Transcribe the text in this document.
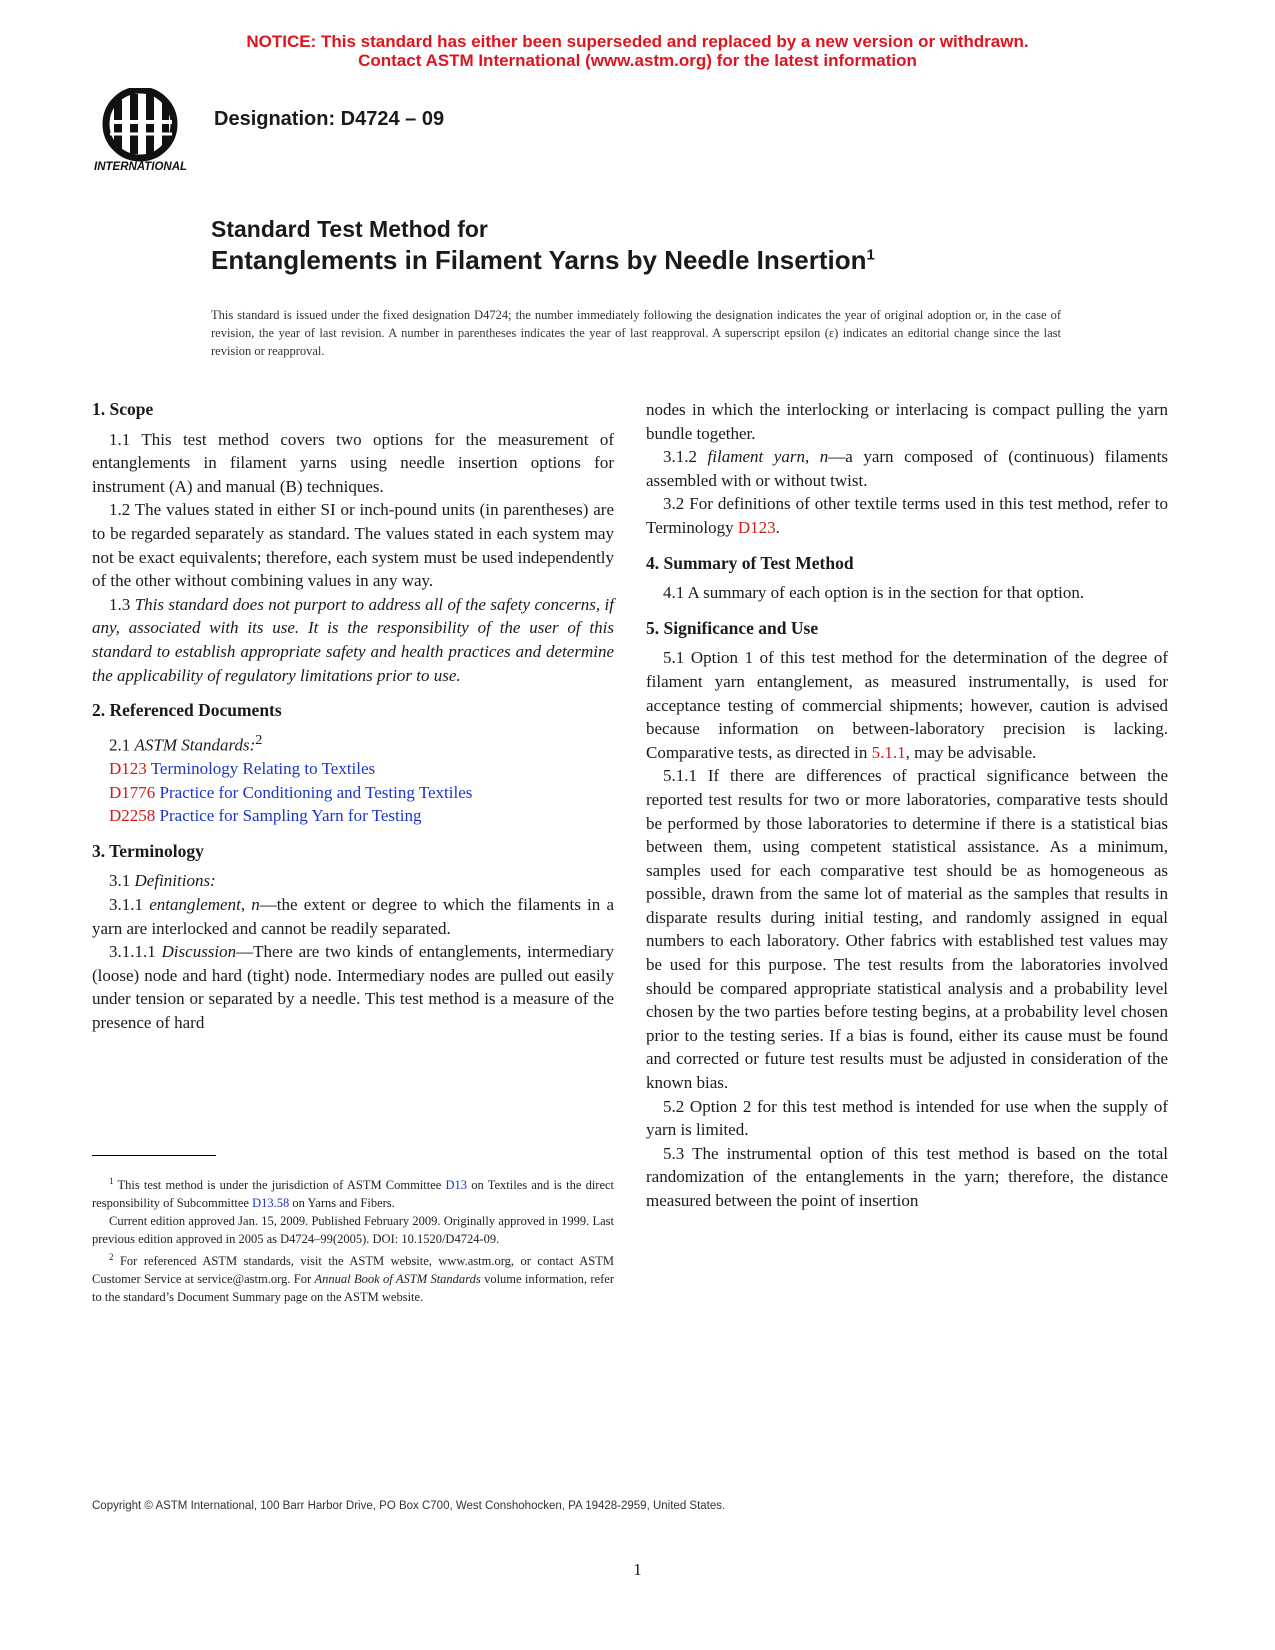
NOTICE: This standard has either been superseded and replaced by a new version or withdrawn.
Contact ASTM International (www.astm.org) for the latest information
INTERNATIONAL
Designation: D4724 – 09
Standard Test Method for
Entanglements in Filament Yarns by Needle Insertion$^1$
This standard is issued under the fixed designation D4724; the number immediately following the designation indicates the year of original adoption or, in the case of revision, the year of last revision. A number in parentheses indicates the year of last reapproval. A superscript epsilon (ε) indicates an editorial change since the last revision or reapproval.
1. Scope

1.1 This test method covers two options for the measurement of entanglements in filament yarns using needle insertion options for instrument (A) and manual (B) techniques.

1.2 The values stated in either SI or inch-pound units (in parentheses) are to be regarded separately as standard. The values stated in each system may not be exact equivalents; therefore, each system must be used independently of the other without combining values in any way.

1.3 This standard does not purport to address all of the safety concerns, if any, associated with its use. It is the responsibility of the user of this standard to establish appropriate safety and health practices and determine the applicability of regulatory limitations prior to use.

2. Referenced Documents

2.1 ASTM Standards:$^2$

D123 Terminology Relating to Textiles

D1776 Practice for Conditioning and Testing Textiles

D2258 Practice for Sampling Yarn for Testing

3. Terminology

3.1 Definitions:

3.1.1 entanglement, n—the extent or degree to which the filaments in a yarn are interlocked and cannot be readily separated.

3.1.1.1 Discussion—There are two kinds of entanglements, intermediary (loose) node and hard (tight) node. Intermediary nodes are pulled out easily under tension or separated by a needle. This test method is a measure of the presence of hard

nodes in which the interlocking or interlacing is compact pulling the yarn bundle together.

3.1.2 filament yarn, n—a yarn composed of (continuous) filaments assembled with or without twist.

3.2 For definitions of other textile terms used in this test method, refer to Terminology D123.

4. Summary of Test Method

4.1 A summary of each option is in the section for that option.

5. Significance and Use

5.1 Option 1 of this test method for the determination of the degree of filament yarn entanglement, as measured instrumentally, is used for acceptance testing of commercial shipments; however, caution is advised because information on between-laboratory precision is lacking. Comparative tests, as directed in 5.1.1, may be advisable.

5.1.1 If there are differences of practical significance between the reported test results for two or more laboratories, comparative tests should be performed by those laboratories to determine if there is a statistical bias between them, using competent statistical assistance. As a minimum, samples used for each comparative test should be as homogeneous as possible, drawn from the same lot of material as the samples that results in disparate results during initial testing, and randomly assigned in equal numbers to each laboratory. Other fabrics with established test values may be used for this purpose. The test results from the laboratories involved should be compared appropriate statistical analysis and a probability level chosen by the two parties before testing begins, at a probability level chosen prior to the testing series. If a bias is found, either its cause must be found and corrected or future test results must be adjusted in consideration of the known bias.

5.2 Option 2 for this test method is intended for use when the supply of yarn is limited.

5.3 The instrumental option of this test method is based on the total randomization of the entanglements in the yarn; therefore, the distance measured between the point of insertion

$^1$ This test method is under the jurisdiction of ASTM Committee D13 on Textiles and is the direct responsibility of Subcommittee D13.58 on Yarns and Fibers.

Current edition approved Jan. 15, 2009. Published February 2009. Originally approved in 1999. Last previous edition approved in 2005 as D4724–99(2005). DOI: 10.1520/D4724-09.

$^2$ For referenced ASTM standards, visit the ASTM website, www.astm.org, or contact ASTM Customer Service at service@astm.org. For Annual Book of ASTM Standards volume information, refer to the standard’s Document Summary page on the ASTM website.

Copyright © ASTM International, 100 Barr Harbor Drive, PO Box C700, West Conshohocken, PA 19428-2959, United States.
1
